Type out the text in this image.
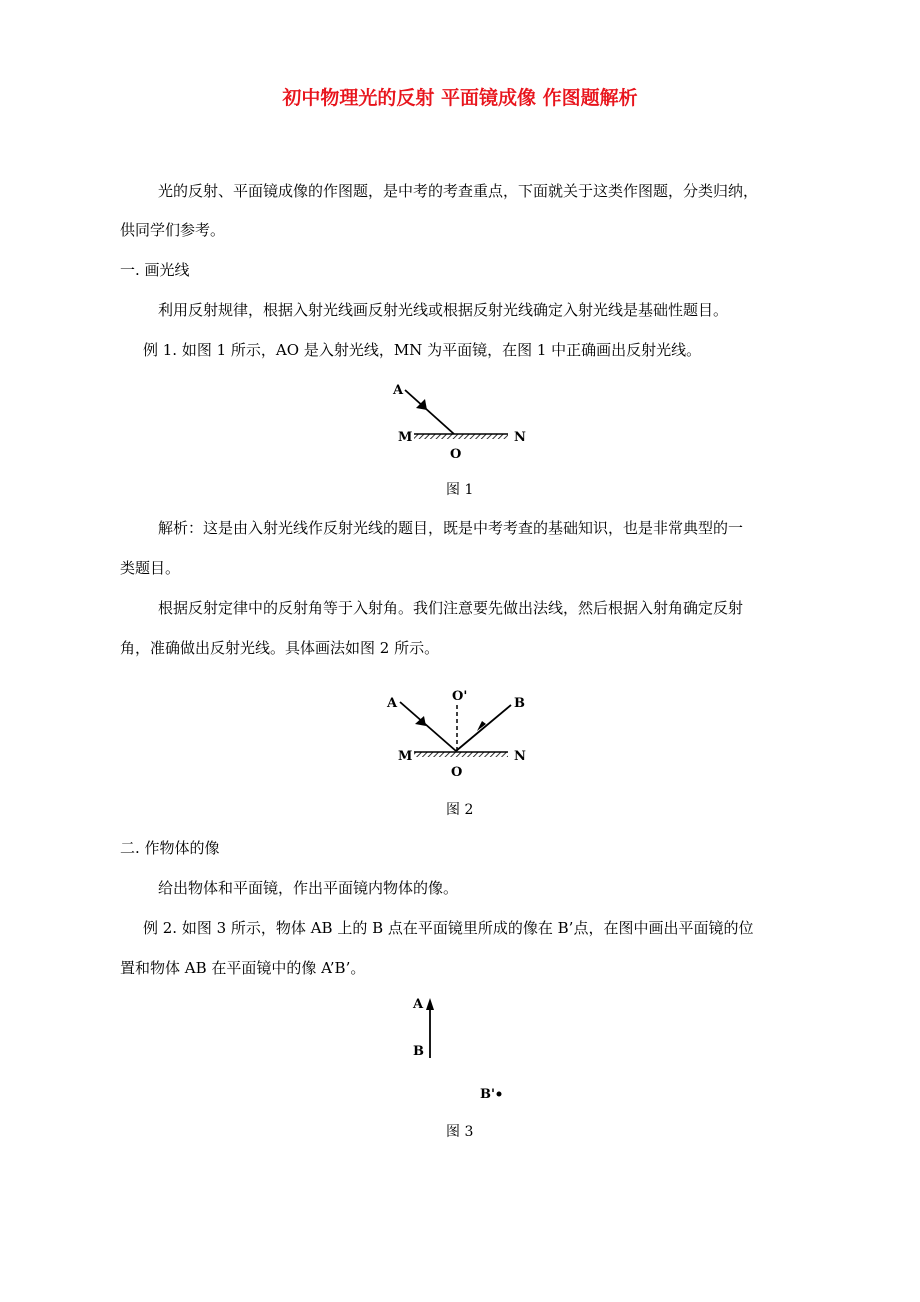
初中物理光的反射 平面镜成像 作图题解析
光的反射、平面镜成像的作图题，是中考的考查重点，下面就关于这类作图题，分类归纳，
供同学们参考。
一. 画光线
利用反射规律，根据入射光线画反射光线或根据反射光线确定入射光线是基础性题目。
例 1. 如图 1 所示，AO 是入射光线，MN 为平面镜，在图 1 中正确画出反射光线。
A
M	N
O
图 1
解析：这是由入射光线作反射光线的题目，既是中考考查的基础知识，也是非常典型的一
类题目。
根据反射定律中的反射角等于入射角。我们注意要先做出法线，然后根据入射角确定反射
角，准确做出反射光线。具体画法如图 2 所示。
A	O'	B
M	N
O
图 2
二. 作物体的像
给出物体和平面镜，作出平面镜内物体的像。
例 2. 如图 3 所示，物体 AB 上的 B 点在平面镜里所成的像在 B’点，在图中画出平面镜的位
置和物体 AB 在平面镜中的像 A’B’。
A
B
B'
图 3
